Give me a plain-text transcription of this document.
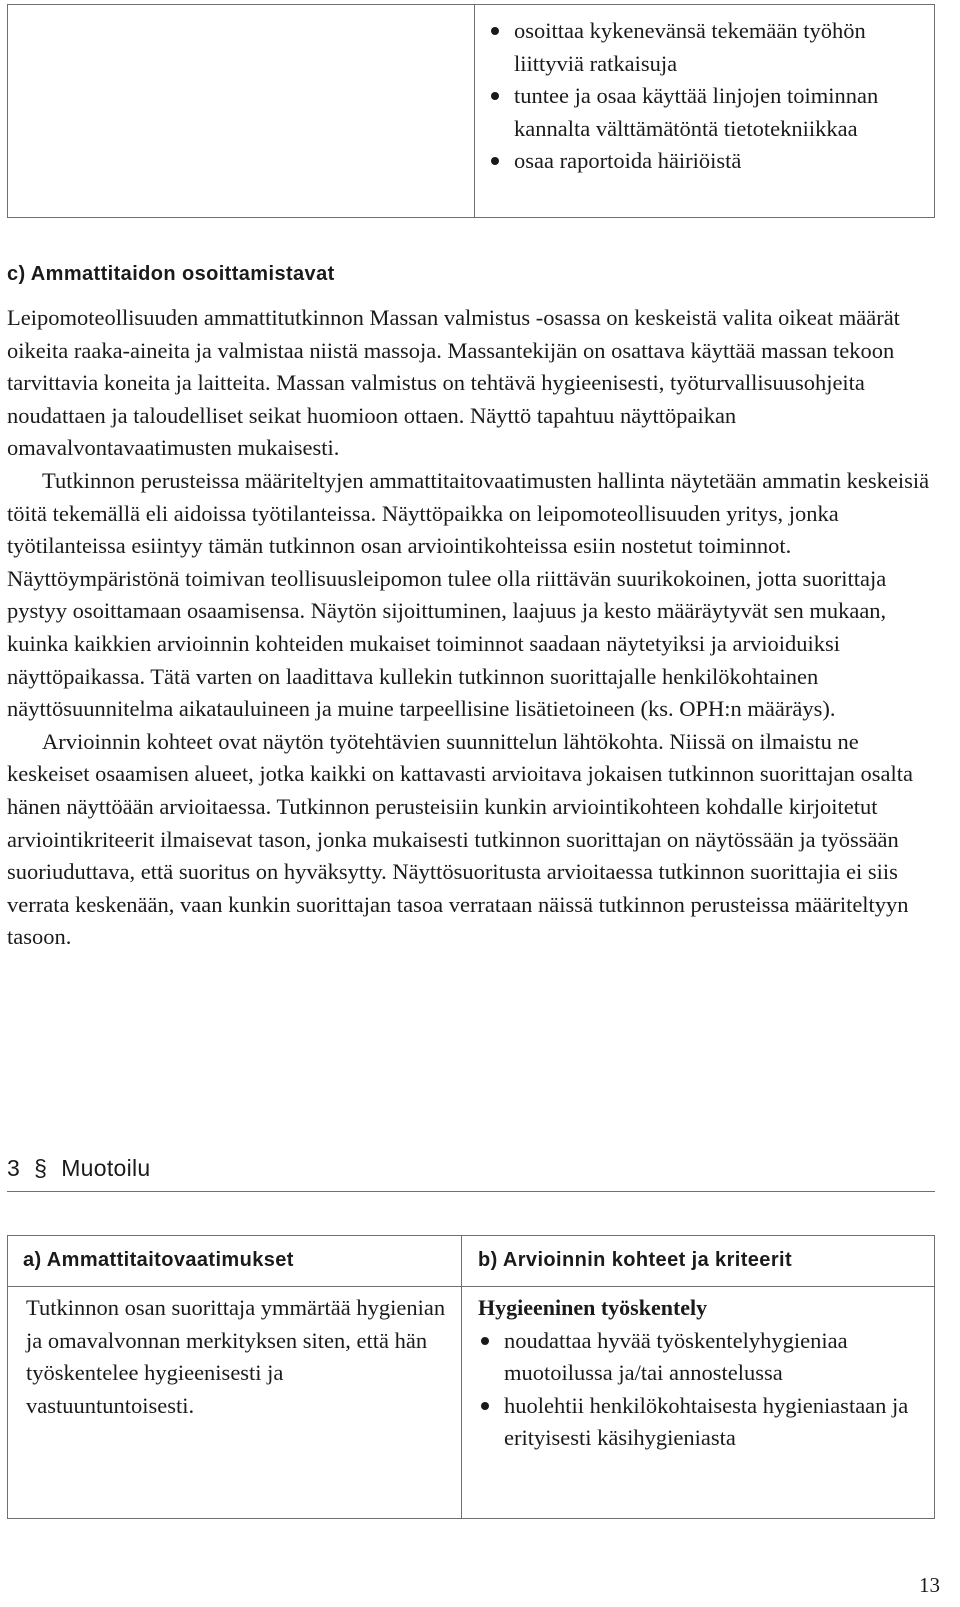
osoittaa kykenevänsä tekemään työhön liittyviä ratkaisuja
tuntee ja osaa käyttää linjojen toiminnan kannalta välttämätöntä tietotekniikkaa
osaa raportoida häiriöistä
c) Ammattitaidon osoittamistavat

Leipomoteollisuuden ammattitutkinnon Massan valmistus -osassa on keskeistä valita oikeat määrät oikeita raaka-aineita ja valmistaa niistä massoja. Massantekijän on osattava käyttää massan tekoon tarvittavia koneita ja laitteita. Massan valmistus on tehtävä hygieenisesti, työturvallisuusohjeita noudattaen ja taloudelliset seikat huomioon ottaen. Näyttö tapahtuu näyttöpaikan omavalvontavaatimusten mukaisesti.

Tutkinnon perusteissa määriteltyjen ammattitaitovaatimusten hallinta näytetään ammatin keskeisiä töitä tekemällä eli aidoissa työtilanteissa. Näyttöpaikka on leipomoteollisuuden yritys, jonka työtilanteissa esiintyy tämän tutkinnon osan arviointikohteissa esiin nostetut toiminnot. Näyttöympäristönä toimivan teollisuusleipomon tulee olla riittävän suurikokoinen, jotta suorittaja pystyy osoittamaan osaamisensa. Näytön sijoittuminen, laajuus ja kesto määräytyvät sen mukaan, kuinka kaikkien arvioinnin kohteiden mukaiset toiminnot saadaan näytetyiksi ja arvioiduiksi näyttöpaikassa. Tätä varten on laadittava kullekin tutkinnon suorittajalle henkilökohtainen näyttösuunnitelma aikatauluineen ja muine tarpeellisine lisätietoineen (ks. OPH:n määräys).

Arvioinnin kohteet ovat näytön työtehtävien suunnittelun lähtökohta. Niissä on ilmaistu ne keskeiset osaamisen alueet, jotka kaikki on kattavasti arvioitava jokaisen tutkinnon suorittajan osalta hänen näyttöään arvioitaessa. Tutkinnon perusteisiin kunkin arviointikohteen kohdalle kirjoitetut arviointikriteerit ilmaisevat tason, jonka mukaisesti tutkinnon suorittajan on näytössään ja työssään suoriuduttava, että suoritus on hyväksytty. Näyttösuoritusta arvioitaessa tutkinnon suorittajia ei siis verrata keskenään, vaan kunkin suorittajan tasoa verrataan näissä tutkinnon perusteissa määriteltyyn tasoon.

3 § Muotoilu
a) Ammattitaitovaatimukset	b) Arvioinnin kohteet ja kriteerit

Tutkinnon osan suorittaja ymmärtää hygienian ja omavalvonnan merkityksen siten, että hän työskentelee hygieenisesti ja vastuuntuntoisesti.

Hygieeninen työskentely
noudattaa hyvää työskentelyhygieniaa muotoilussa ja/tai annostelussa
huolehtii henkilökohtaisesta hygieniastaan ja erityisesti käsihygieniasta
13
